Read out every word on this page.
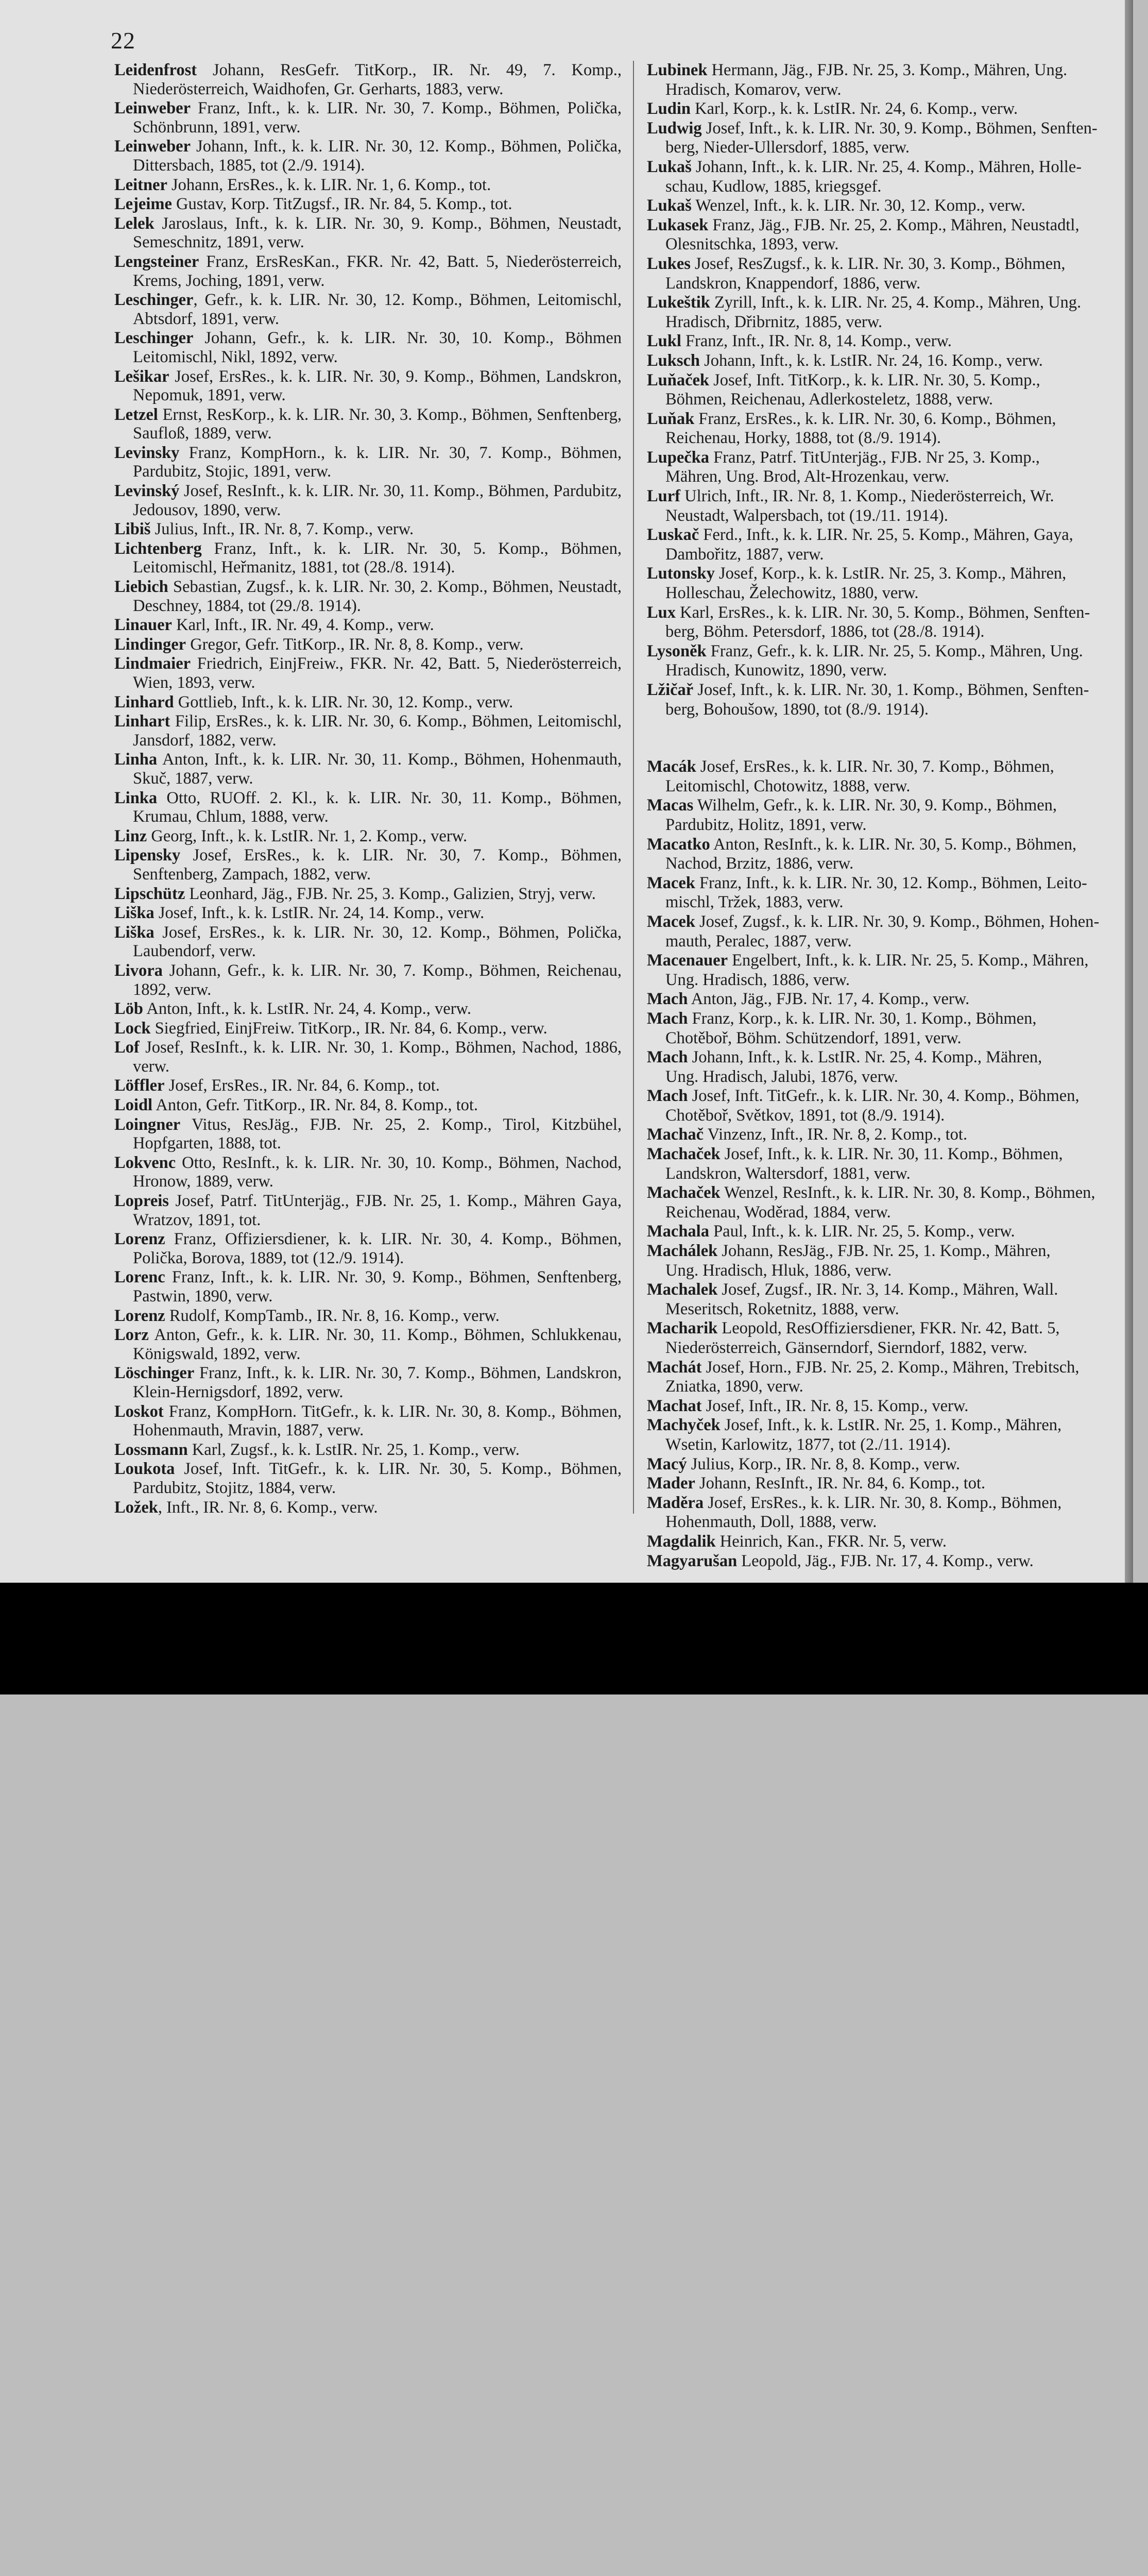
22
Leidenfrost Johann, ResGefr. TitKorp., IR. Nr. 49, 7. Komp., Niederösterreich, Waidhofen, Gr. Gerharts, 1883, verw.
Leinweber Franz, Inft., k. k. LIR. Nr. 30, 7. Komp., Böhmen, Polička, Schönbrunn, 1891, verw.
Leinweber Johann, Inft., k. k. LIR. Nr. 30, 12. Komp., Böhmen, Polička, Dittersbach, 1885, tot (2./9. 1914).
Leitner Johann, ErsRes., k. k. LIR. Nr. 1, 6. Komp., tot.
Lejeime Gustav, Korp. TitZugsf., IR. Nr. 84, 5. Komp., tot.
Lelek Jaroslaus, Inft., k. k. LIR. Nr. 30, 9. Komp., Böhmen, Neustadt, Semeschnitz, 1891, verw.
Lengsteiner Franz, ErsResKan., FKR. Nr. 42, Batt. 5, Niederösterreich, Krems, Joching, 1891, verw.
Leschinger, Gefr., k. k. LIR. Nr. 30, 12. Komp., Böhmen, Leitomischl, Abtsdorf, 1891, verw.
Leschinger Johann, Gefr., k. k. LIR. Nr. 30, 10. Komp., Böhmen Leitomischl, Nikl, 1892, verw.
Lešikar Josef, ErsRes., k. k. LIR. Nr. 30, 9. Komp., Böhmen, Landskron, Nepomuk, 1891, verw.
Letzel Ernst, ResKorp., k. k. LIR. Nr. 30, 3. Komp., Böhmen, Senftenberg, Saufloß, 1889, verw.
Levinsky Franz, KompHorn., k. k. LIR. Nr. 30, 7. Komp., Böhmen, Pardubitz, Stojic, 1891, verw.
Levinský Josef, ResInft., k. k. LIR. Nr. 30, 11. Komp., Böhmen, Pardubitz, Jedousov, 1890, verw.
Libiš Julius, Inft., IR. Nr. 8, 7. Komp., verw.
Lichtenberg Franz, Inft., k. k. LIR. Nr. 30, 5. Komp., Böhmen, Leitomischl, Heřmanitz, 1881, tot (28./8. 1914).
Liebich Sebastian, Zugsf., k. k. LIR. Nr. 30, 2. Komp., Böhmen, Neustadt, Deschney, 1884, tot (29./8. 1914).
Linauer Karl, Inft., IR. Nr. 49, 4. Komp., verw.
Lindinger Gregor, Gefr. TitKorp., IR. Nr. 8, 8. Komp., verw.
Lindmaier Friedrich, EinjFreiw., FKR. Nr. 42, Batt. 5, Niederösterreich, Wien, 1893, verw.
Linhard Gottlieb, Inft., k. k. LIR. Nr. 30, 12. Komp., verw.
Linhart Filip, ErsRes., k. k. LIR. Nr. 30, 6. Komp., Böhmen, Leitomischl, Jansdorf, 1882, verw.
Linha Anton, Inft., k. k. LIR. Nr. 30, 11. Komp., Böhmen, Hohenmauth, Skuč, 1887, verw.
Linka Otto, RUOff. 2. Kl., k. k. LIR. Nr. 30, 11. Komp., Böhmen, Krumau, Chlum, 1888, verw.
Linz Georg, Inft., k. k. LstIR. Nr. 1, 2. Komp., verw.
Lipensky Josef, ErsRes., k. k. LIR. Nr. 30, 7. Komp., Böhmen, Senftenberg, Zampach, 1882, verw.
Lipschütz Leonhard, Jäg., FJB. Nr. 25, 3. Komp., Galizien, Stryj, verw.
Liška Josef, Inft., k. k. LstIR. Nr. 24, 14. Komp., verw.
Liška Josef, ErsRes., k. k. LIR. Nr. 30, 12. Komp., Böhmen, Polička, Laubendorf, verw.
Livora Johann, Gefr., k. k. LIR. Nr. 30, 7. Komp., Böhmen, Reichenau, 1892, verw.
Löb Anton, Inft., k. k. LstIR. Nr. 24, 4. Komp., verw.
Lock Siegfried, EinjFreiw. TitKorp., IR. Nr. 84, 6. Komp., verw.
Lof Josef, ResInft., k. k. LIR. Nr. 30, 1. Komp., Böhmen, Nachod, 1886, verw.
Löffler Josef, ErsRes., IR. Nr. 84, 6. Komp., tot.
Loidl Anton, Gefr. TitKorp., IR. Nr. 84, 8. Komp., tot.
Loingner Vitus, ResJäg., FJB. Nr. 25, 2. Komp., Tirol, Kitzbühel, Hopfgarten, 1888, tot.
Lokvenc Otto, ResInft., k. k. LIR. Nr. 30, 10. Komp., Böhmen, Nachod, Hronow, 1889, verw.
Lopreis Josef, Patrf. TitUnterjäg., FJB. Nr. 25, 1. Komp., Mähren Gaya, Wratzov, 1891, tot.
Lorenz Franz, Offiziersdiener, k. k. LIR. Nr. 30, 4. Komp., Böhmen, Polička, Borova, 1889, tot (12./9. 1914).
Lorenc Franz, Inft., k. k. LIR. Nr. 30, 9. Komp., Böhmen, Senftenberg, Pastwin, 1890, verw.
Lorenz Rudolf, KompTamb., IR. Nr. 8, 16. Komp., verw.
Lorz Anton, Gefr., k. k. LIR. Nr. 30, 11. Komp., Böhmen, Schlukkenau, Königswald, 1892, verw.
Löschinger Franz, Inft., k. k. LIR. Nr. 30, 7. Komp., Böhmen, Landskron, Klein-Hernigsdorf, 1892, verw.
Loskot Franz, KompHorn. TitGefr., k. k. LIR. Nr. 30, 8. Komp., Böhmen, Hohenmauth, Mravin, 1887, verw.
Lossmann Karl, Zugsf., k. k. LstIR. Nr. 25, 1. Komp., verw.
Loukota Josef, Inft. TitGefr., k. k. LIR. Nr. 30, 5. Komp., Böhmen, Pardubitz, Stojitz, 1884, verw.
Ložek, Inft., IR. Nr. 8, 6. Komp., verw.
Lubinek Hermann, Jäg., FJB. Nr. 25, 3. Komp., Mähren, Ung.
Hradisch, Komarov, verw.
Ludin Karl, Korp., k. k. LstIR. Nr. 24, 6. Komp., verw.
Ludwig Josef, Inft., k. k. LIR. Nr. 30, 9. Komp., Böhmen, Senften-
berg, Nieder-Ullersdorf, 1885, verw.
Lukaš Johann, Inft., k. k. LIR. Nr. 25, 4. Komp., Mähren, Holle-
schau, Kudlow, 1885, kriegsgef.
Lukaš Wenzel, Inft., k. k. LIR. Nr. 30, 12. Komp., verw.
Lukasek Franz, Jäg., FJB. Nr. 25, 2. Komp., Mähren, Neustadtl,
Olesnitschka, 1893, verw.
Lukes Josef, ResZugsf., k. k. LIR. Nr. 30, 3. Komp., Böhmen,
Landskron, Knappendorf, 1886, verw.
Lukeštik Zyrill, Inft., k. k. LIR. Nr. 25, 4. Komp., Mähren, Ung.
Hradisch, Dřibrnitz, 1885, verw.
Lukl Franz, Inft., IR. Nr. 8, 14. Komp., verw.
Luksch Johann, Inft., k. k. LstIR. Nr. 24, 16. Komp., verw.
Luňaček Josef, Inft. TitKorp., k. k. LIR. Nr. 30, 5. Komp.,
Böhmen, Reichenau, Adlerkosteletz, 1888, verw.
Luňak Franz, ErsRes., k. k. LIR. Nr. 30, 6. Komp., Böhmen,
Reichenau, Horky, 1888, tot (8./9. 1914).
Lupečka Franz, Patrf. TitUnterjäg., FJB. Nr 25, 3. Komp.,
Mähren, Ung. Brod, Alt-Hrozenkau, verw.
Lurf Ulrich, Inft., IR. Nr. 8, 1. Komp., Niederösterreich, Wr.
Neustadt, Walpersbach, tot (19./11. 1914).
Luskač Ferd., Inft., k. k. LIR. Nr. 25, 5. Komp., Mähren, Gaya,
Dambořitz, 1887, verw.
Lutonsky Josef, Korp., k. k. LstIR. Nr. 25, 3. Komp., Mähren,
Holleschau, Želechowitz, 1880, verw.
Lux Karl, ErsRes., k. k. LIR. Nr. 30, 5. Komp., Böhmen, Senften-
berg, Böhm. Petersdorf, 1886, tot (28./8. 1914).
Lysoněk Franz, Gefr., k. k. LIR. Nr. 25, 5. Komp., Mähren, Ung.
Hradisch, Kunowitz, 1890, verw.
Lžičař Josef, Inft., k. k. LIR. Nr. 30, 1. Komp., Böhmen, Senften-
berg, Bohoušow, 1890, tot (8./9. 1914).
Macák Josef, ErsRes., k. k. LIR. Nr. 30, 7. Komp., Böhmen,
Leitomischl, Chotowitz, 1888, verw.
Macas Wilhelm, Gefr., k. k. LIR. Nr. 30, 9. Komp., Böhmen,
Pardubitz, Holitz, 1891, verw.
Macatko Anton, ResInft., k. k. LIR. Nr. 30, 5. Komp., Böhmen,
Nachod, Brzitz, 1886, verw.
Macek Franz, Inft., k. k. LIR. Nr. 30, 12. Komp., Böhmen, Leito-
mischl, Tržek, 1883, verw.
Macek Josef, Zugsf., k. k. LIR. Nr. 30, 9. Komp., Böhmen, Hohen-
mauth, Peralec, 1887, verw.
Macenauer Engelbert, Inft., k. k. LIR. Nr. 25, 5. Komp., Mähren,
Ung. Hradisch, 1886, verw.
Mach Anton, Jäg., FJB. Nr. 17, 4. Komp., verw.
Mach Franz, Korp., k. k. LIR. Nr. 30, 1. Komp., Böhmen,
Chotěboř, Böhm. Schützendorf, 1891, verw.
Mach Johann, Inft., k. k. LstIR. Nr. 25, 4. Komp., Mähren,
Ung. Hradisch, Jalubi, 1876, verw.
Mach Josef, Inft. TitGefr., k. k. LIR. Nr. 30, 4. Komp., Böhmen,
Chotěboř, Světkov, 1891, tot (8./9. 1914).
Machač Vinzenz, Inft., IR. Nr. 8, 2. Komp., tot.
Machaček Josef, Inft., k. k. LIR. Nr. 30, 11. Komp., Böhmen,
Landskron, Waltersdorf, 1881, verw.
Machaček Wenzel, ResInft., k. k. LIR. Nr. 30, 8. Komp., Böhmen,
Reichenau, Woděrad, 1884, verw.
Machala Paul, Inft., k. k. LIR. Nr. 25, 5. Komp., verw.
Machálek Johann, ResJäg., FJB. Nr. 25, 1. Komp., Mähren,
Ung. Hradisch, Hluk, 1886, verw.
Machalek Josef, Zugsf., IR. Nr. 3, 14. Komp., Mähren, Wall.
Meseritsch, Roketnitz, 1888, verw.
Macharik Leopold, ResOffiziersdiener, FKR. Nr. 42, Batt. 5,
Niederösterreich, Gänserndorf, Sierndorf, 1882, verw.
Machát Josef, Horn., FJB. Nr. 25, 2. Komp., Mähren, Trebitsch,
Zniatka, 1890, verw.
Machat Josef, Inft., IR. Nr. 8, 15. Komp., verw.
Machyček Josef, Inft., k. k. LstIR. Nr. 25, 1. Komp., Mähren,
Wsetin, Karlowitz, 1877, tot (2./11. 1914).
Macý Julius, Korp., IR. Nr. 8, 8. Komp., verw.
Mader Johann, ResInft., IR. Nr. 84, 6. Komp., tot.
Maděra Josef, ErsRes., k. k. LIR. Nr. 30, 8. Komp., Böhmen,
Hohenmauth, Doll, 1888, verw.
Magdalik Heinrich, Kan., FKR. Nr. 5, verw.
Magyarušan Leopold, Jäg., FJB. Nr. 17, 4. Komp., verw.
